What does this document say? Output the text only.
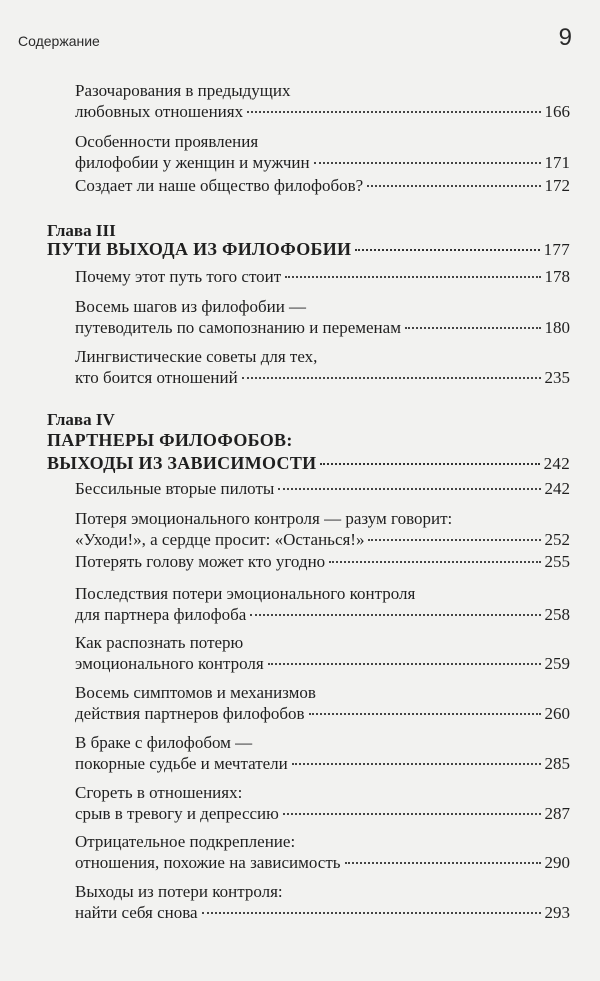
Содержание	9
Разочарования в предыдущих
любовных отношениях	166
Особенности проявления
филофобии у женщин и мужчин	171
Создает ли наше общество филофобов?	172
Глава III
ПУТИ ВЫХОДА ИЗ ФИЛОФОБИИ	177
Почему этот путь того стоит	178
Восемь шагов из филофобии —
путеводитель по самопознанию и переменам	180
Лингвистические советы для тех,
кто боится отношений	235
Глава IV
ПАРТНЕРЫ ФИЛОФОБОВ:
ВЫХОДЫ ИЗ ЗАВИСИМОСТИ	242
Бессильные вторые пилоты	242
Потеря эмоционального контроля — разум говорит:
«Уходи!», а сердце просит: «Останься!»	252
Потерять голову может кто угодно	255
Последствия потери эмоционального контроля
для партнера филофоба	258
Как распознать потерю
эмоционального контроля	259
Восемь симптомов и механизмов
действия партнеров филофобов	260
В браке с филофобом —
покорные судьбе и мечтатели	285
Сгореть в отношениях:
срыв в тревогу и депрессию	287
Отрицательное подкрепление:
отношения, похожие на зависимость	290
Выходы из потери контроля:
найти себя снова	293
